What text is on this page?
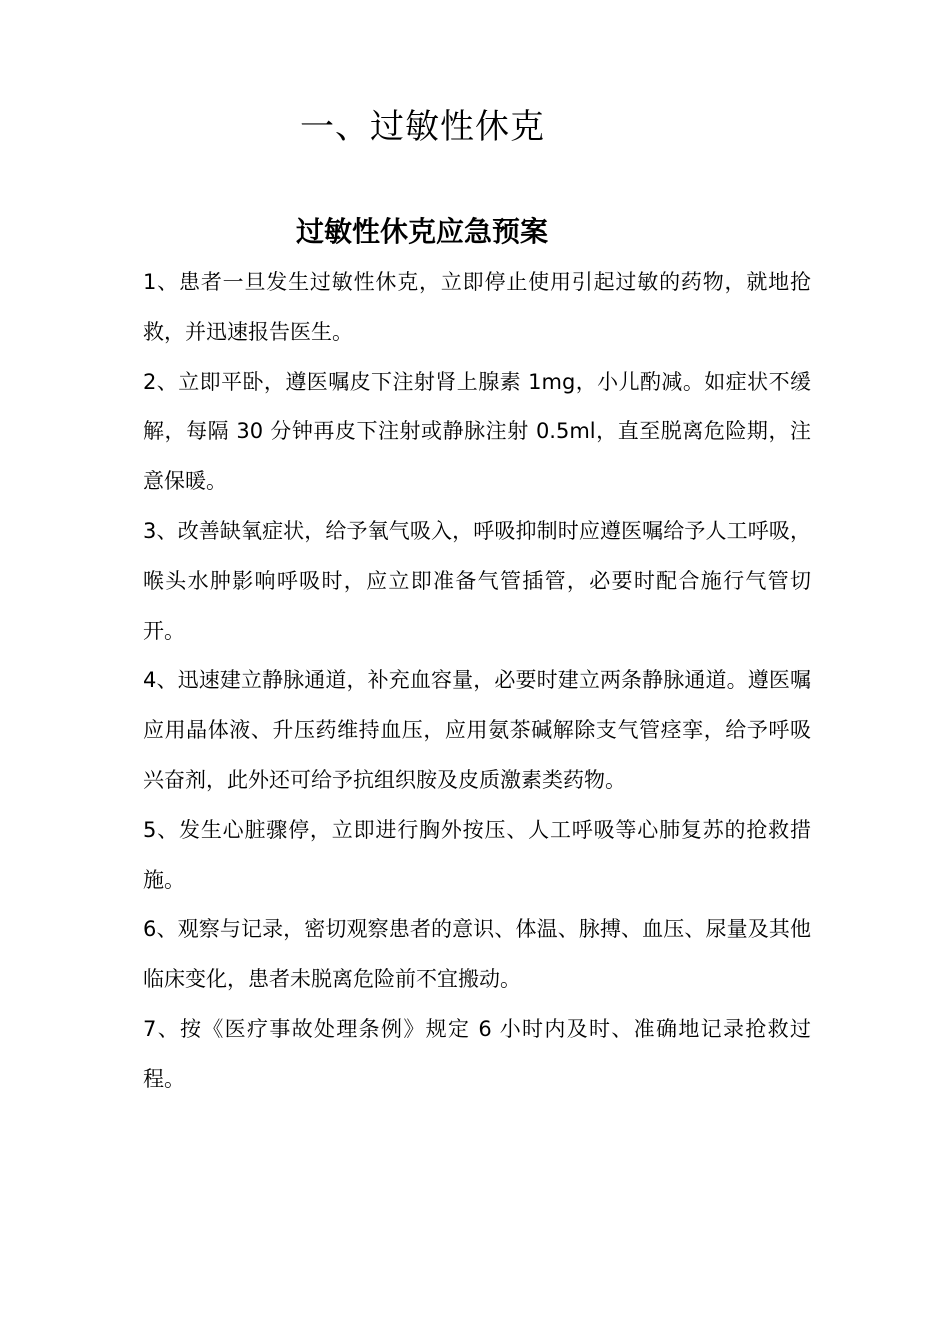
一、过敏性休克
过敏性休克应急预案
1、患者一旦发生过敏性休克，立即停止使用引起过敏的药物，就地抢救，并迅速报告医生。
2、立即平卧，遵医嘱皮下注射肾上腺素 1mg，小儿酌减。如症状不缓解，每隔 30 分钟再皮下注射或静脉注射 0.5ml，直至脱离危险期，注意保暖。
3、改善缺氧症状，给予氧气吸入，呼吸抑制时应遵医嘱给予人工呼吸，喉头水肿影响呼吸时，应立即准备气管插管，必要时配合施行气管切开。
4、迅速建立静脉通道，补充血容量，必要时建立两条静脉通道。遵医嘱应用晶体液、升压药维持血压，应用氨茶碱解除支气管痉挛，给予呼吸兴奋剂，此外还可给予抗组织胺及皮质激素类药物。
5、发生心脏骤停，立即进行胸外按压、人工呼吸等心肺复苏的抢救措施。
6、观察与记录，密切观察患者的意识、体温、脉搏、血压、尿量及其他临床变化，患者未脱离危险前不宜搬动。
7、按《医疗事故处理条例》规定 6 小时内及时、准确地记录抢救过程。
